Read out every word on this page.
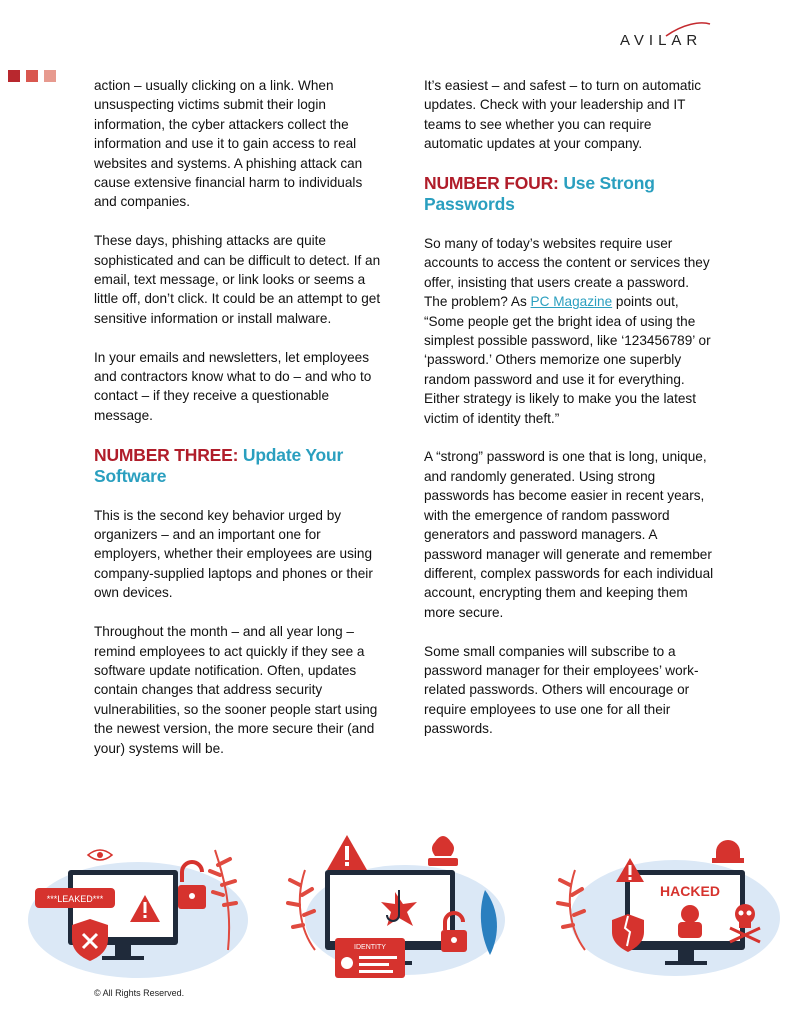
AVILAR

action – usually clicking on a link. When unsuspecting victims submit their login information, the cyber attackers collect the information and use it to gain access to real websites and systems. A phishing attack can cause extensive financial harm to individuals and companies.

These days, phishing attacks are quite sophisticated and can be difficult to detect. If an email, text message, or link looks or seems a little off, don’t click. It could be an attempt to get sensitive information or install malware.

In your emails and newsletters, let employees and contractors know what to do – and who to contact – if they receive a questionable message.

NUMBER THREE: Update Your Software

This is the second key behavior urged by organizers – and an important one for employers, whether their employees are using company-supplied laptops and phones or their own devices.

Throughout the month – and all year long – remind employees to act quickly if they see a software update notification. Often, updates contain changes that address security vulnerabilities, so the sooner people start using the newest version, the more secure their (and your) systems will be.

It’s easiest – and safest – to turn on automatic updates. Check with your leadership and IT teams to see whether you can require automatic updates at your company.

NUMBER FOUR: Use Strong Passwords

So many of today’s websites require user accounts to access the content or services they offer, insisting that users create a password. The problem? As PC Magazine points out, “Some people get the bright idea of using the simplest possible password, like ‘123456789’ or ‘password.’ Others memorize one superbly random password and use it for everything. Either strategy is likely to make you the latest victim of identity theft.”

A “strong” password is one that is long, unique, and randomly generated. Using strong passwords has become easier in recent years, with the emergence of random password generators and password managers. A password manager will generate and remember different, complex passwords for each individual account, encrypting them and keeping them more secure.

Some small companies will subscribe to a password manager for their employees’ work-related passwords. Others will encourage or require employees to use one for all their passwords.

***LEAKED***
IDENTITY
HACKED
© All Rights Reserved.
